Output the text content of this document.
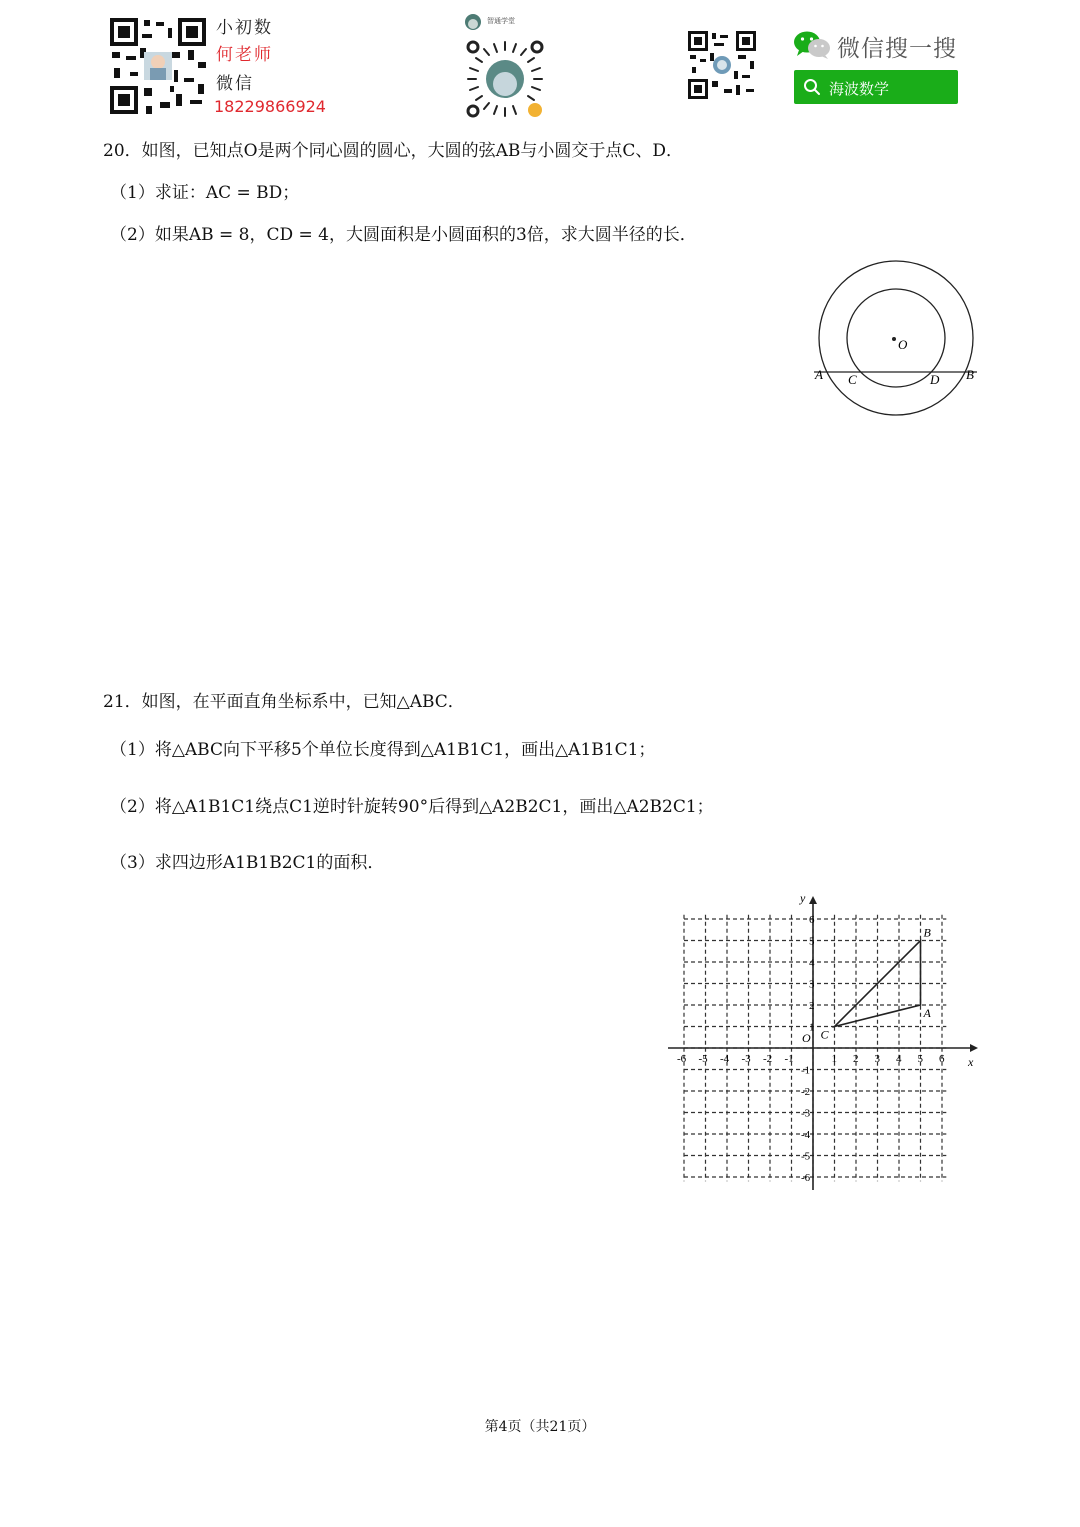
小初数
何老师
微信
18229866924
智通学堂
微信搜一搜
海波数学
20．如图，已知点O是两个同心圆的圆心，大圆的弦AB与小圆交于点C、D．
（1）求证：AC = BD；
（2）如果AB = 8，CD = 4，大圆面积是小圆面积的3倍，求大圆半径的长．
O
A C	D B
21．如图，在平面直角坐标系中，已知△ABC．
（1）将△ABC向下平移5个单位长度得到△A1B1C1，画出△A1B1C1；
（2）将△A1B1C1绕点C1逆时针旋转90°后得到△A2B2C1，画出△A2B2C1；
（3）求四边形A1B1B2C1的面积．
x
y
O
-6 -5 -4 -3 -2 -1	1 2 3 4 5 6
6
5
4
3
2
1
-1
-2
-3
-4
-5
-6
A
B
C
第4页（共21页）
